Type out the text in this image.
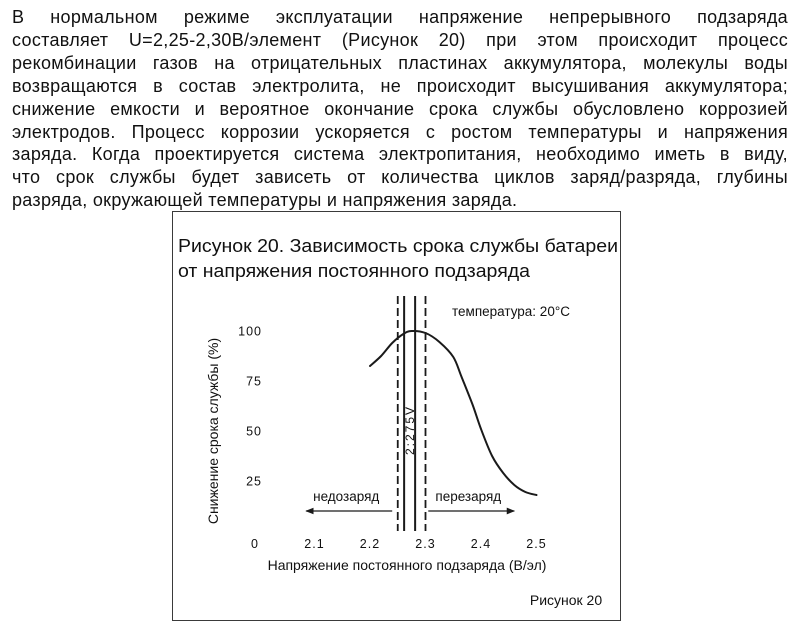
В нормальном режиме эксплуатации напряжение непрерывного подзаряда
составляет U=2,25-2,30В/элемент (Рисунок 20) при этом происходит процесс
рекомбинации газов на отрицательных пластинах аккумулятора, молекулы воды
возвращаются в состав электролита, не происходит высушивания аккумулятора;
снижение емкости и вероятное окончание срока службы обусловлено коррозией
электродов. Процесс коррозии ускоряется с ростом температуры и напряжения
заряда. Когда проектируется система электропитания, необходимо иметь в виду,
что срок службы будет зависеть от количества циклов заряд/разряда, глубины
разряда, окружающей температуры и напряжения заряда.
Рисунок 20. Зависимость срока службы батареи
от напряжения постоянного подзаряда
температура: 20°C
Снижение срока службы (%)
Напряжение постоянного подзаряда (В/эл)
100
75
50
25
0	2.1	2.2	2.3	2.4	2.5
2:275V
недозаряд	перезаряд
Рисунок 20
